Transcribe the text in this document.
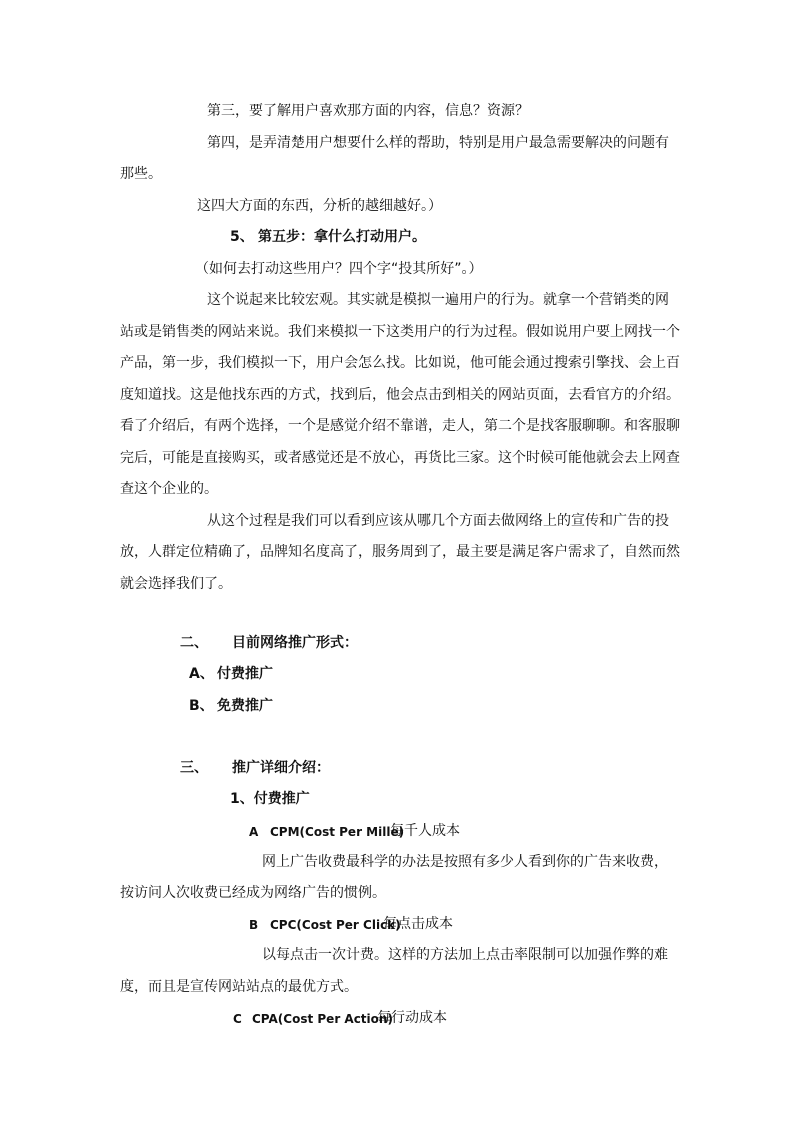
第三，要了解用户喜欢那方面的内容，信息？资源？
第四，是弄清楚用户想要什么样的帮助，特别是用户最急需要解决的问题有
那些。
这四大方面的东西，分析的越细越好。）
5、 第五步：拿什么打动用户。
（如何去打动这些用户？四个字“投其所好”。）
这个说起来比较宏观。其实就是模拟一遍用户的行为。就拿一个营销类的网
站或是销售类的网站来说。我们来模拟一下这类用户的行为过程。假如说用户要上网找一个
产品，第一步，我们模拟一下，用户会怎么找。比如说，他可能会通过搜索引擎找、会上百
度知道找。这是他找东西的方式，找到后，他会点击到相关的网站页面，去看官方的介绍。
看了介绍后，有两个选择，一个是感觉介绍不靠谱，走人，第二个是找客服聊聊。和客服聊
完后，可能是直接购买，或者感觉还是不放心，再货比三家。这个时候可能他就会去上网查
查这个企业的。
从这个过程是我们可以看到应该从哪几个方面去做网络上的宣传和广告的投
放，人群定位精确了，品牌知名度高了，服务周到了，最主要是满足客户需求了，自然而然
就会选择我们了。
二、 目前网络推广形式：
A、 付费推广
B、 免费推广
三、 推广详细介绍：
1、付费推广
A CPM(Cost Per Mille)
每千人成本
网上广告收费最科学的办法是按照有多少人看到你的广告来收费，
按访问人次收费已经成为网络广告的惯例。
B CPC(Cost Per Click)
每点击成本
以每点击一次计费。这样的方法加上点击率限制可以加强作弊的难
度，而且是宣传网站站点的最优方式。
C CPA(Cost Per Action)
每行动成本
